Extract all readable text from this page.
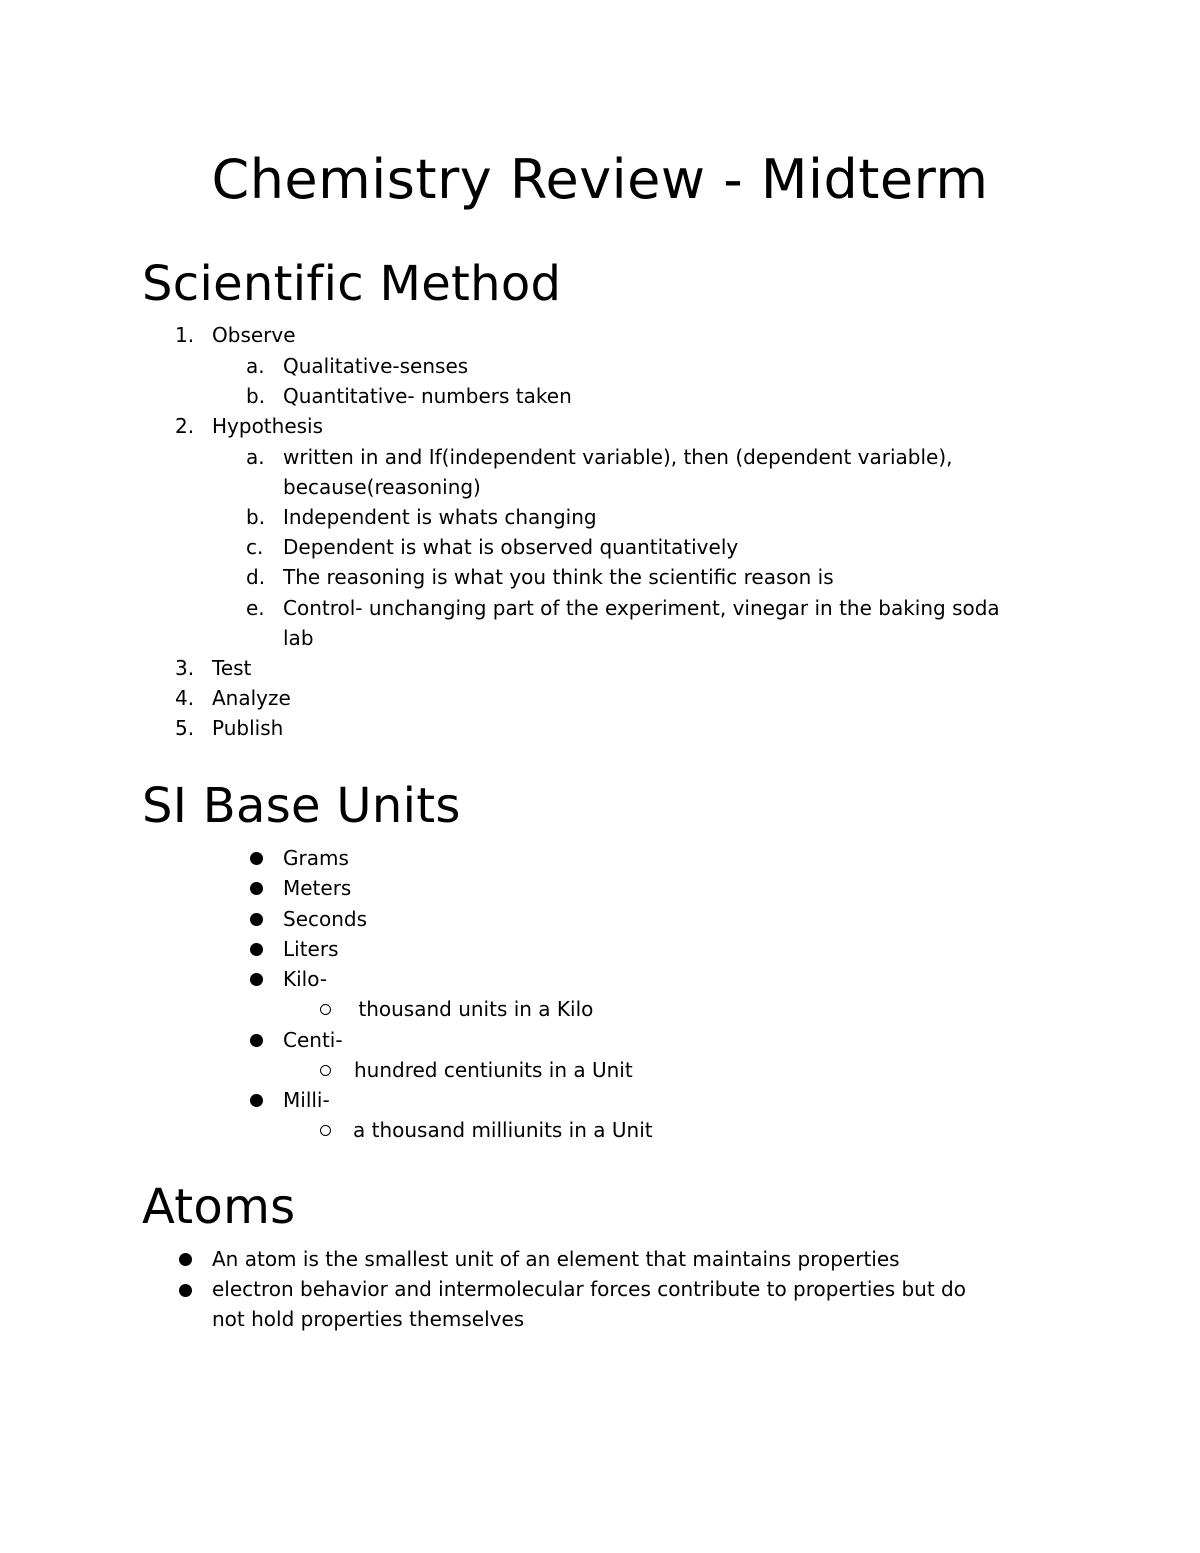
Chemistry Review - Midterm
Scientific Method
1. Observe
a. Qualitative-senses
b. Quantitative- numbers taken
2. Hypothesis
a. written in and If(independent variable), then (dependent variable),
because(reasoning)
b. Independent is whats changing
c. Dependent is what is observed quantitatively
d. The reasoning is what you think the scientific reason is
e. Control- unchanging part of the experiment, vinegar in the baking soda
lab
3. Test
4. Analyze
5. Publish
SI Base Units
Grams
Meters
Seconds
Liters
Kilo-
thousand units in a Kilo
Centi-
hundred centiunits in a Unit
Milli-
a thousand milliunits in a Unit
Atoms
An atom is the smallest unit of an element that maintains properties
electron behavior and intermolecular forces contribute to properties but do
not hold properties themselves
